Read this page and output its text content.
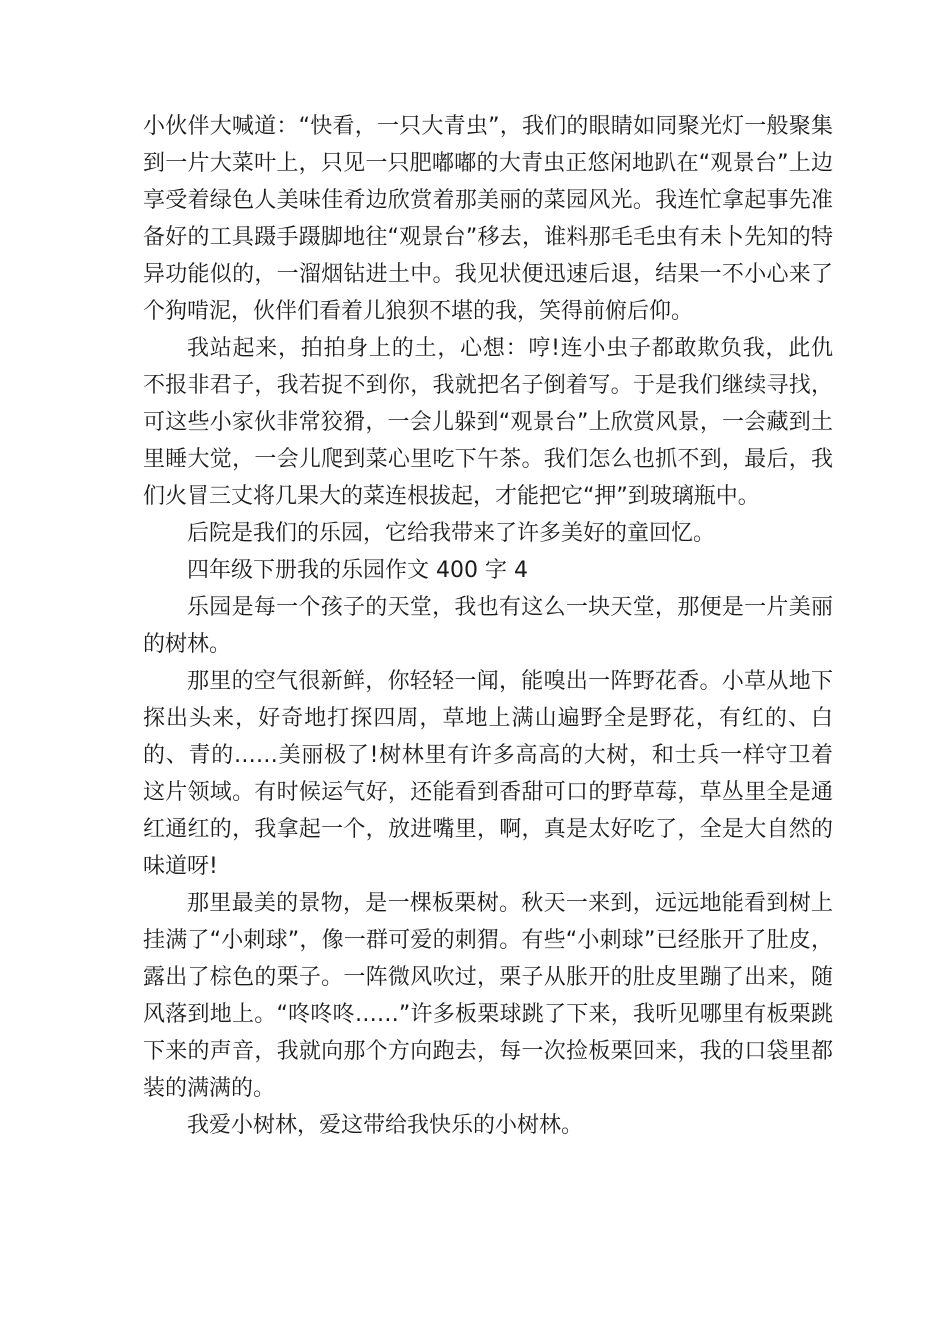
小伙伴大喊道：“快看，一只大青虫”，我们的眼睛如同聚光灯一般聚集到一片大菜叶上，只见一只肥嘟嘟的大青虫正悠闲地趴在“观景台”上边享受着绿色人美味佳肴边欣赏着那美丽的菜园风光。我连忙拿起事先准备好的工具蹑手蹑脚地往“观景台”移去，谁料那毛毛虫有未卜先知的特异功能似的，一溜烟钻进土中。我见状便迅速后退，结果一不小心来了个狗啃泥，伙伴们看着儿狼狈不堪的我，笑得前俯后仰。

我站起来，拍拍身上的土，心想：哼!连小虫子都敢欺负我，此仇不报非君子，我若捉不到你，我就把名子倒着写。于是我们继续寻找，可这些小家伙非常狡猾，一会儿躲到“观景台”上欣赏风景，一会藏到土里睡大觉，一会儿爬到菜心里吃下午茶。我们怎么也抓不到，最后，我们火冒三丈将几果大的菜连根拔起，才能把它“押”到玻璃瓶中。

后院是我们的乐园，它给我带来了许多美好的童回忆。

四年级下册我的乐园作文 400 字 4

乐园是每一个孩子的天堂，我也有这么一块天堂，那便是一片美丽的树林。

那里的空气很新鲜，你轻轻一闻，能嗅出一阵野花香。小草从地下探出头来，好奇地打探四周，草地上满山遍野全是野花，有红的、白的、青的……美丽极了!树林里有许多高高的大树，和士兵一样守卫着这片领域。有时候运气好，还能看到香甜可口的野草莓，草丛里全是通红通红的，我拿起一个，放进嘴里，啊，真是太好吃了，全是大自然的味道呀!

那里最美的景物，是一棵板栗树。秋天一来到，远远地能看到树上挂满了“小刺球”，像一群可爱的刺猬。有些“小刺球”已经胀开了肚皮，露出了棕色的栗子。一阵微风吹过，栗子从胀开的肚皮里蹦了出来，随风落到地上。“咚咚咚……”许多板栗球跳了下来，我听见哪里有板栗跳下来的声音，我就向那个方向跑去，每一次捡板栗回来，我的口袋里都装的满满的。

我爱小树林，爱这带给我快乐的小树林。
